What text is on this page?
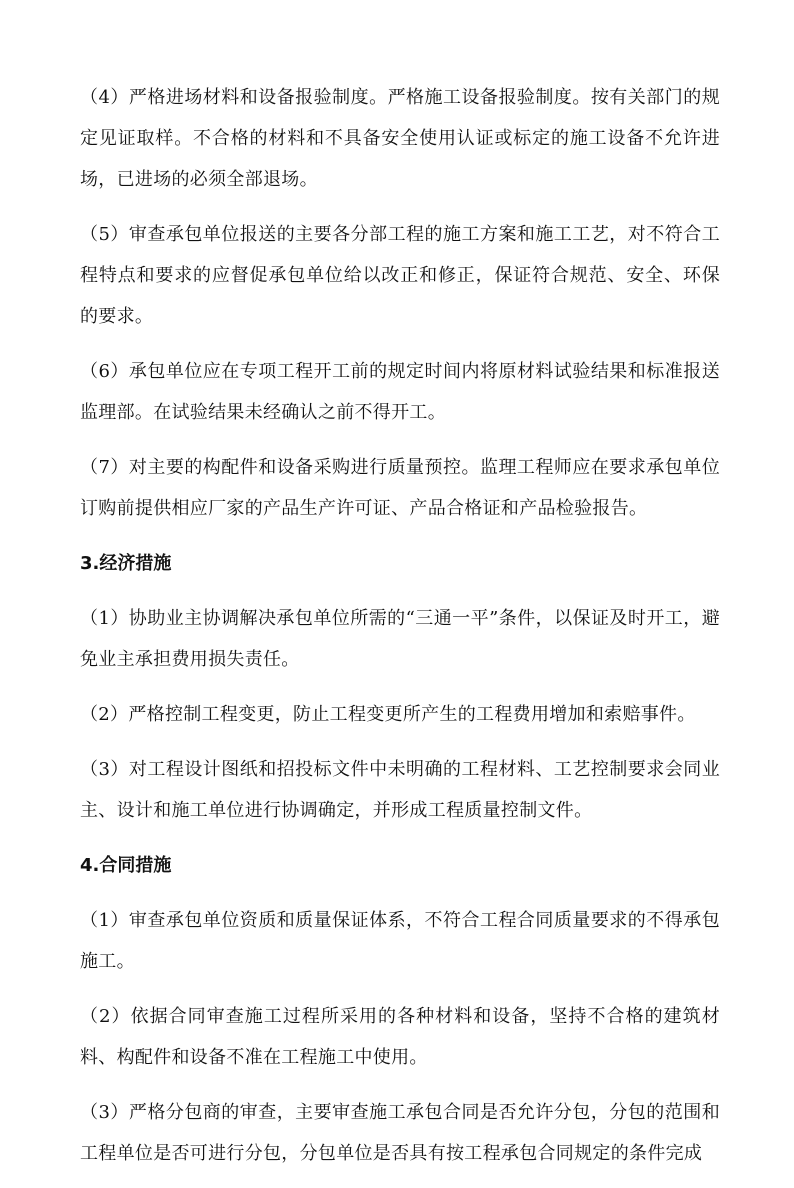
（4）严格进场材料和设备报验制度。严格施工设备报验制度。按有关部门的规定见证取样。不合格的材料和不具备安全使用认证或标定的施工设备不允许进场，已进场的必须全部退场。

（5）审查承包单位报送的主要各分部工程的施工方案和施工工艺，对不符合工程特点和要求的应督促承包单位给以改正和修正，保证符合规范、安全、环保的要求。

（6）承包单位应在专项工程开工前的规定时间内将原材料试验结果和标准报送监理部。在试验结果未经确认之前不得开工。

（7）对主要的构配件和设备采购进行质量预控。监理工程师应在要求承包单位订购前提供相应厂家的产品生产许可证、产品合格证和产品检验报告。

3.经济措施

（1）协助业主协调解决承包单位所需的“三通一平”条件，以保证及时开工，避免业主承担费用损失责任。

（2）严格控制工程变更，防止工程变更所产生的工程费用增加和索赔事件。

（3）对工程设计图纸和招投标文件中未明确的工程材料、工艺控制要求会同业主、设计和施工单位进行协调确定，并形成工程质量控制文件。

4.合同措施

（1）审查承包单位资质和质量保证体系，不符合工程合同质量要求的不得承包施工。

（2）依据合同审查施工过程所采用的各种材料和设备，坚持不合格的建筑材料、构配件和设备不准在工程施工中使用。

（3）严格分包商的审查，主要审查施工承包合同是否允许分包，分包的范围和工程单位是否可进行分包，分包单位是否具有按工程承包合同规定的条件完成
